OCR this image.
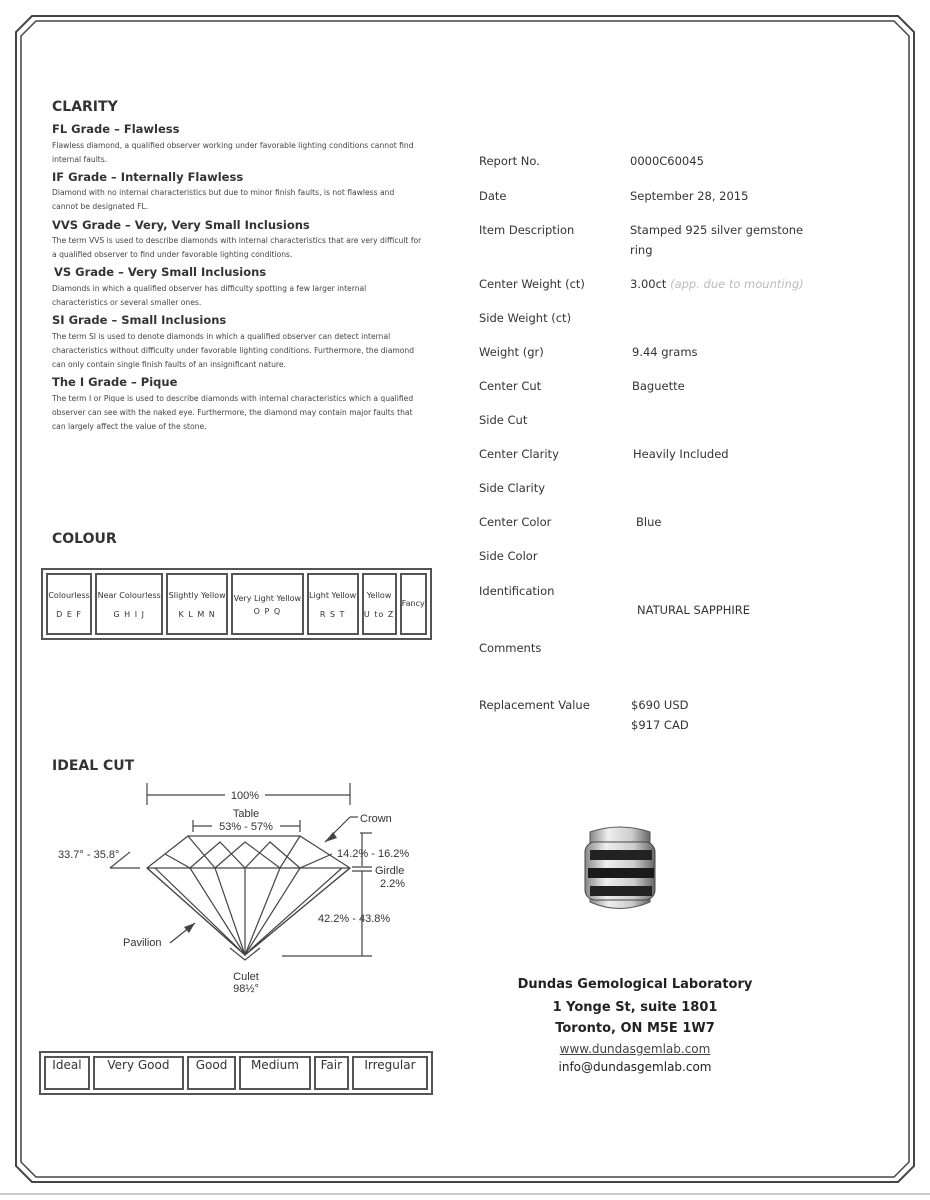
CLARITY

FL Grade – Flawless

Flawless diamond, a qualified observer working under favorable lighting conditions cannot find internal faults.

IF Grade – Internally Flawless

Diamond with no internal characteristics but due to minor finish faults, is not flawless and cannot be designated FL.

VVS Grade – Very, Very Small Inclusions

The term VVS is used to describe diamonds with internal characteristics that are very difficult for a qualified observer to find under favorable lighting conditions.

VS Grade – Very Small Inclusions

Diamonds in which a qualified observer has difficulty spotting a few larger internal characteristics or several smaller ones.

SI Grade – Small Inclusions

The term SI is used to denote diamonds in which a qualified observer can detect internal characteristics without difficulty under favorable lighting conditions. Furthermore, the diamond can only contain single finish faults of an insignificant nature.

The I Grade – Pique

The term I or Pique is used to describe diamonds with internal characteristics which a qualified observer can see with the naked eye. Furthermore, the diamond may contain major faults that can largely affect the value of the stone.

COLOUR
Colourless
D E F

Near Colourless
G H I J

Slightly Yellow
K L M N

Very Light Yellow
O P Q

Light Yellow
R S T

Yellow
U to Z

Fancy
IDEAL CUT
100%
Table
53% - 57%
Crown
33.7° - 35.8°	14.2% - 16.2%
Girdle
2.2%
42.2% - 43.8%
Pavilion
Culet
98½°
Ideal	Very Good	Good	Medium	Fair	Irregular
Report No.	0000C60045
Date	September 28, 2015
Item Description	Stamped 925 silver gemstone ring
Center Weight (ct)	3.00ct (app. due to mounting)
Side Weight (ct)
Weight (gr)	9.44 grams
Center Cut	Baguette
Side Cut
Center Clarity	Heavily Included
Side Clarity
Center Color	Blue
Side Color
Identification
NATURAL SAPPHIRE
Comments
Replacement Value	$690 USD
$917 CAD
Dundas Gemological Laboratory
1 Yonge St, suite 1801
Toronto, ON M5E 1W7
www.dundasgemlab.com
info@dundasgemlab.com
